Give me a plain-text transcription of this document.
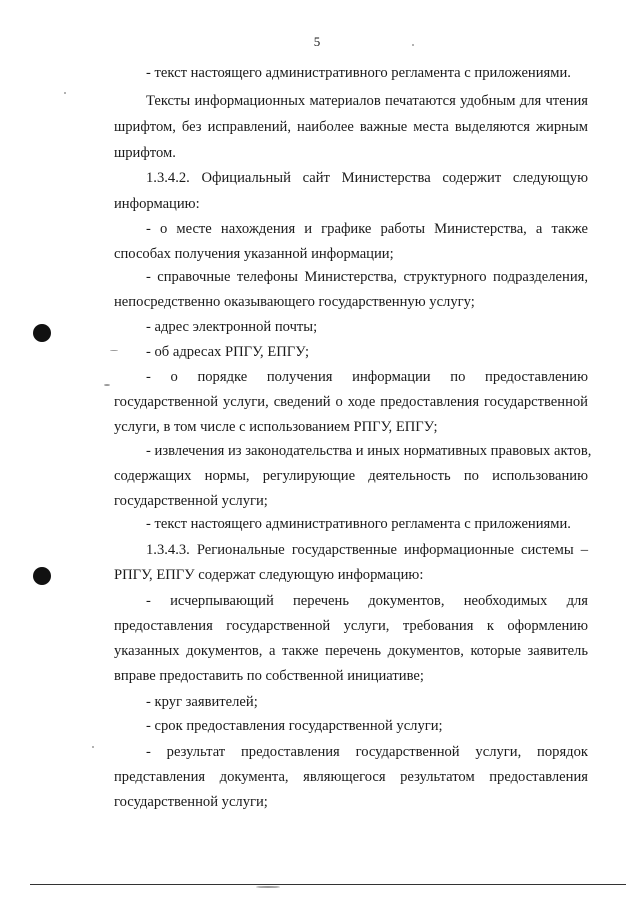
5
- текст настоящего административного регламента с приложениями.
Тексты информационных материалов печатаются удобным для чтения
шрифтом, без исправлений, наиболее важные места выделяются жирным
шрифтом.
1.3.4.2. Официальный сайт Министерства содержит следующую
информацию:
- о месте нахождения и графике работы Министерства, а также
способах получения указанной информации;
- справочные телефоны Министерства, структурного подразделения,
непосредственно оказывающего государственную услугу;
- адрес электронной почты;
- об адресах РПГУ, ЕПГУ;
- о порядке получения информации по предоставлению
государственной услуги, сведений о ходе предоставления государственной
услуги, в том числе с использованием РПГУ, ЕПГУ;
- извлечения из законодательства и иных нормативных правовых актов,
содержащих нормы, регулирующие деятельность по использованию
государственной услуги;
- текст настоящего административного регламента с приложениями.
1.3.4.3. Региональные государственные информационные системы –
РПГУ, ЕПГУ содержат следующую информацию:
- исчерпывающий перечень документов, необходимых для
предоставления государственной услуги, требования к оформлению
указанных документов, а также перечень документов, которые заявитель
вправе предоставить по собственной инициативе;
- круг заявителей;
- срок предоставления государственной услуги;
- результат предоставления государственной услуги, порядок
представления документа, являющегося результатом предоставления
государственной услуги;
